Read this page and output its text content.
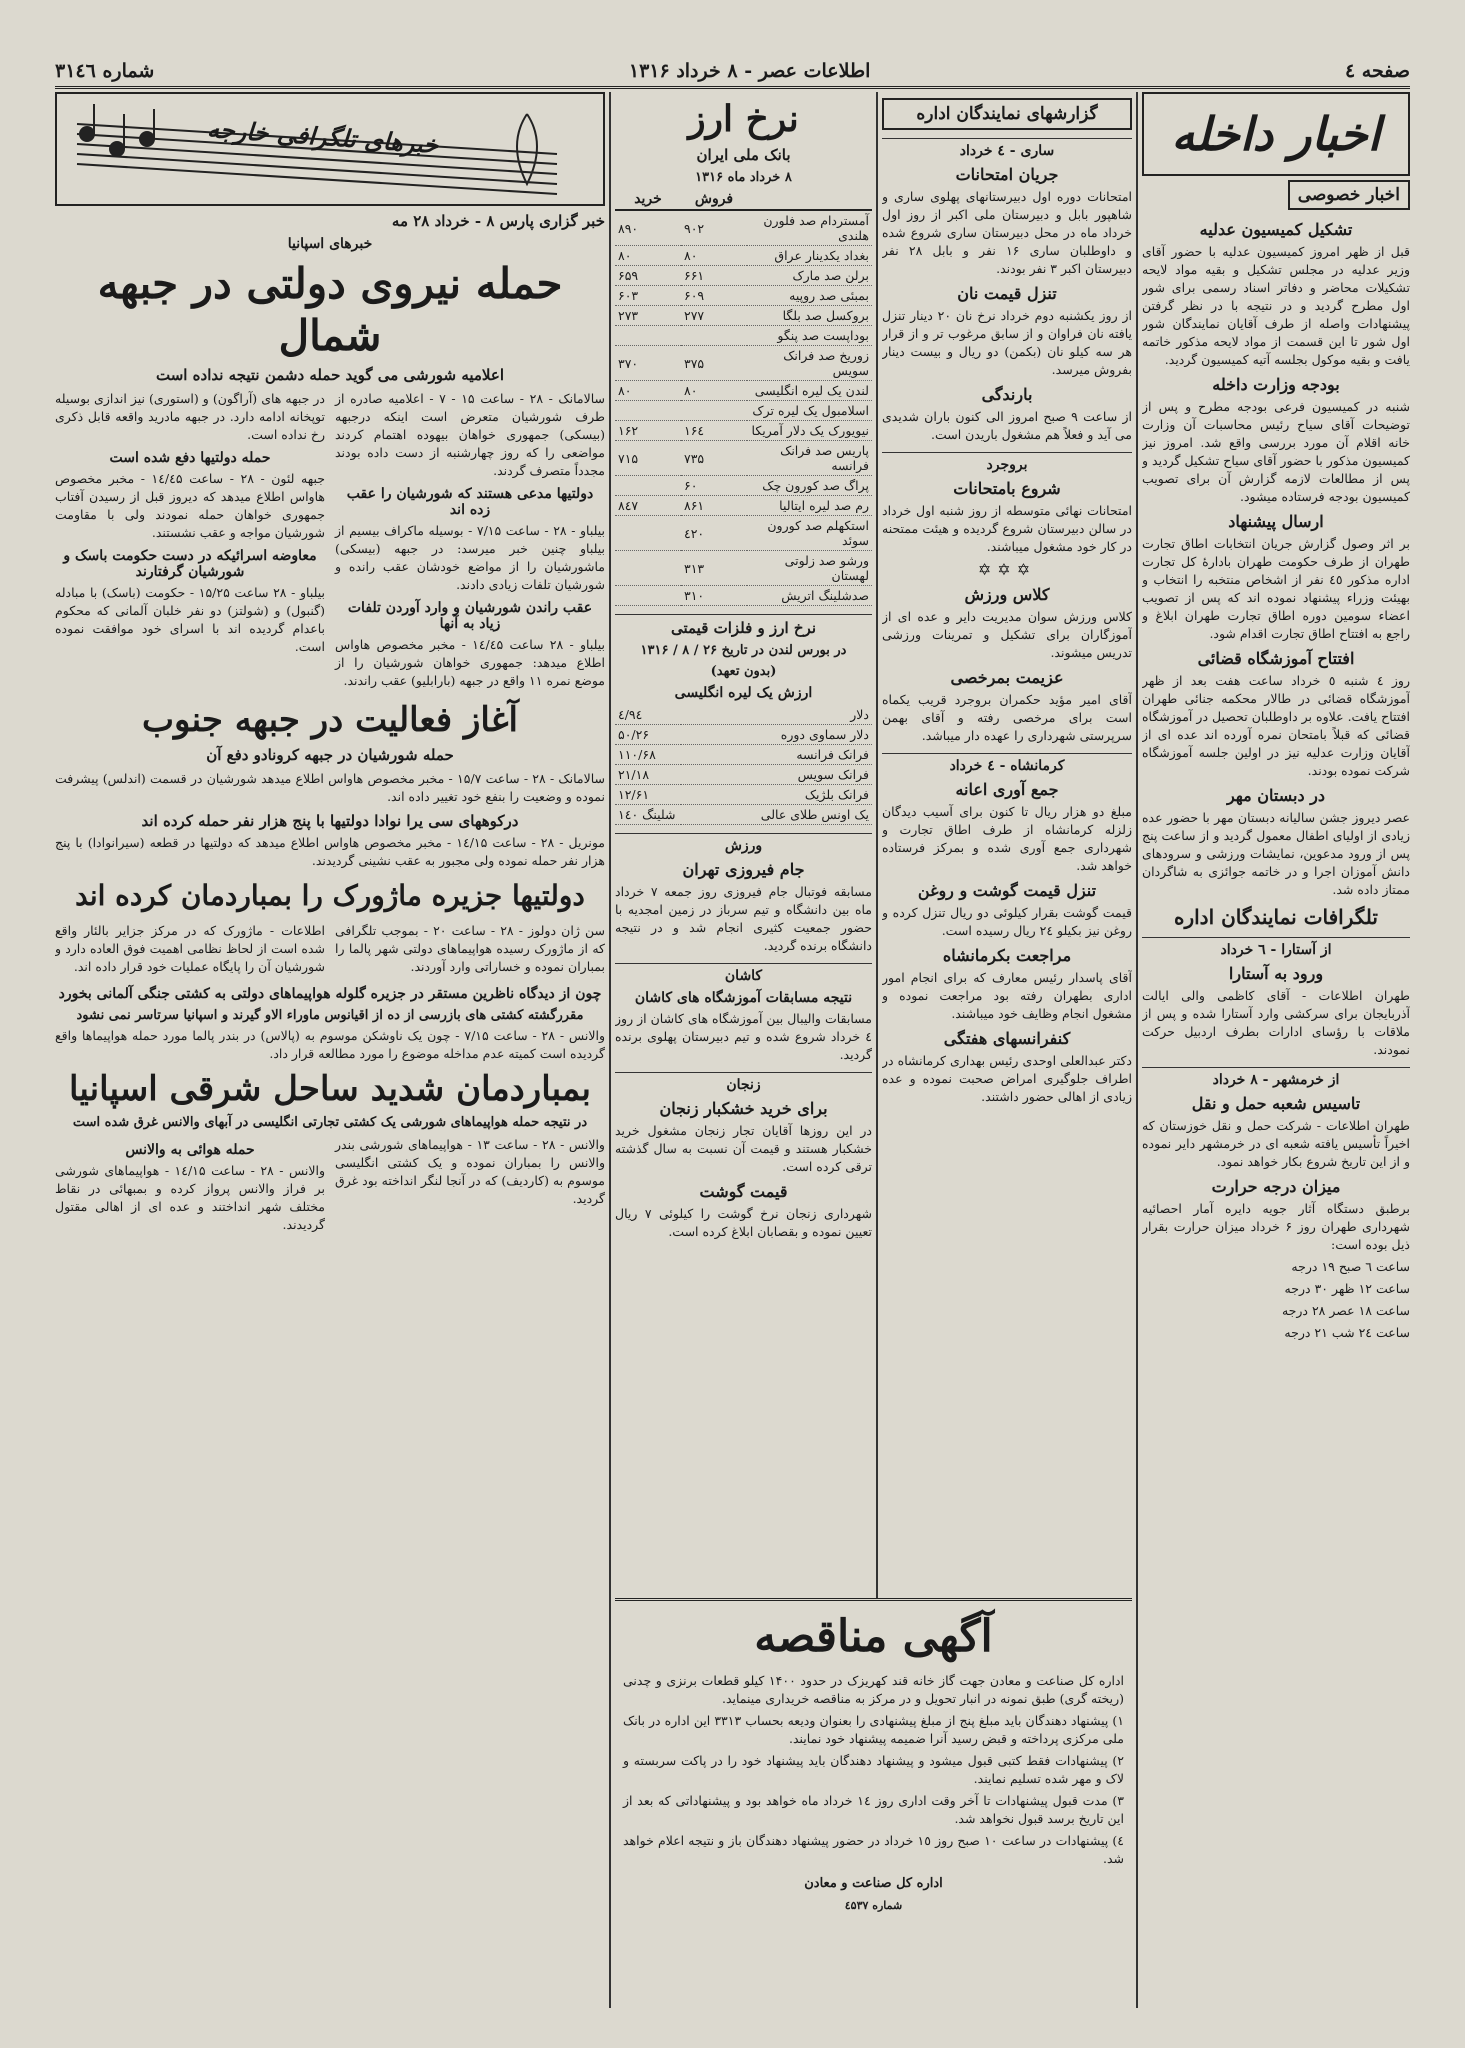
صفحه ٤
اطلاعات عصر - ۸ خرداد ۱۳۱۶
شماره ۳۱٤٦
اخبار داخله
اخبار خصوصی
تشکیل کمیسیون عدلیه

قبل از ظهر امروز کمیسیون عدلیه با حضور آقای وزیر عدلیه در مجلس تشکیل و بقیه مواد لایحه تشکیلات محاضر و دفاتر اسناد رسمی برای شور اول مطرح گردید و در نتیجه با در نظر گرفتن پیشنهادات واصله از طرف آقایان نمایندگان شور اول شور تا این قسمت از مواد لایحه مذکور خاتمه یافت و بقیه موکول بجلسه آتیه کمیسیون گردید.

بودجه وزارت داخله

شنبه در کمیسیون فرعی بودجه مطرح و پس از توضیحات آقای سیاح رئیس محاسبات آن وزارت خانه اقلام آن مورد بررسی واقع شد. امروز نیز کمیسیون مذکور با حضور آقای سیاح تشکیل گردید و پس از مطالعات لازمه گزارش آن برای تصویب کمیسیون بودجه فرستاده میشود.

ارسال پیشنهاد

بر اثر وصول گزارش جریان انتخابات اطاق تجارت طهران از طرف حکومت طهران بادارهٔ کل تجارت اداره مذکور ٤٥ نفر از اشخاص منتخبه را انتخاب و بهیئت وزراء پیشنهاد نموده اند که پس از تصویب اعضاء سومین دوره اطاق تجارت طهران ابلاغ و راجع به افتتاح اطاق تجارت اقدام شود.

افتتاح آموزشگاه قضائی

روز ٤ شنبه ٥ خرداد ساعت هفت بعد از ظهر آموزشگاه قضائی در طالار محکمه جنائی طهران افتتاح یافت. علاوه بر داوطلبان تحصیل در آموزشگاه قضائی که قبلاً بامتحان نمره آورده اند عده ای از آقایان وزارت عدلیه نیز در اولین جلسه آموزشگاه شرکت نموده بودند.

در دبستان مهر

عصر دیروز جشن سالیانه دبستان مهر با حضور عده زیادی از اولیای اطفال معمول گردید و از ساعت پنج پس از ورود مدعوین، نمایشات ورزشی و سرودهای دانش آموزان اجرا و در خاتمه جوائزی به شاگردان ممتاز داده شد.

تلگرافات نمایندگان اداره
از آستارا - ٦ خرداد
ورود به آستارا

طهران اطلاعات - آقای کاظمی والی ایالت آذربایجان برای سرکشی وارد آستارا شده و پس از ملاقات با رؤسای ادارات بطرف اردبیل حرکت نمودند.

از خرمشهر - ۸ خرداد
تاسیس شعبه حمل و نقل

طهران اطلاعات - شرکت حمل و نقل خوزستان که اخیراً تأسیس یافته شعبه ای در خرمشهر دایر نموده و از این تاریخ شروع بکار خواهد نمود.

میزان درجه حرارت

برطبق دستگاه آثار جویه دایره آمار احصائیه شهرداری طهران روز ۶ خرداد میزان حرارت بقرار ذیل بوده است:

ساعت ٦ صبح ۱۹ درجه

ساعت ۱۲ ظهر ۳۰ درجه

ساعت ۱۸ عصر ۲۸ درجه

ساعت ۲٤ شب ۲۱ درجه

گزارشهای نمایندگان اداره
ساری - ٤ خرداد
جریان امتحانات

امتحانات دوره اول دبیرستانهای پهلوی ساری و شاهپور بابل و دبیرستان ملی اکبر از روز اول خرداد ماه در محل دبیرستان ساری شروع شده و داوطلبان ساری ۱۶ نفر و بابل ۲۸ نفر دبیرستان اکبر ۳ نفر بودند.

تنزل قیمت نان

از روز یکشنبه دوم خرداد نرخ نان ۲۰ دینار تنزل یافته نان فراوان و از سابق مرغوب تر و از قرار هر سه کیلو نان (بکمن) دو ریال و بیست دینار بفروش میرسد.

بارندگی

از ساعت ۹ صبح امروز الی کنون باران شدیدی می آید و فعلاً هم مشغول باریدن است.

بروجرد
شروع بامتحانات

امتحانات نهائی متوسطه از روز شنبه اول خرداد در سالن دبیرستان شروع گردیده و هیئت ممتحنه در کار خود مشغول میباشند.

✡✡✡
کلاس ورزش

کلاس ورزش سوان مدیریت دایر و عده ای از آموزگاران برای تشکیل و تمرینات ورزشی تدریس میشوند.

عزیمت بمرخصی

آقای امیر مؤید حکمران بروجرد قریب یکماه است برای مرخصی رفته و آقای بهمن سرپرستی شهرداری را عهده دار میباشد.

کرمانشاه - ٤ خرداد
جمع آوری اعانه

مبلغ دو هزار ریال تا کنون برای آسیب دیدگان زلزله کرمانشاه از طرف اطاق تجارت و شهرداری جمع آوری شده و بمرکز فرستاده خواهد شد.

تنزل قیمت گوشت و روغن

قیمت گوشت بقرار کیلوئی دو ریال تنزل کرده و روغن نیز بکیلو ۲٤ ریال رسیده است.

مراجعت بکرمانشاه

آقای پاسدار رئیس معارف که برای انجام امور اداری بطهران رفته بود مراجعت نموده و مشغول انجام وظایف خود میباشند.

کنفرانسهای هفتگی

دکتر عبدالعلی اوحدی رئیس بهداری کرمانشاه در اطراف جلوگیری امراض صحبت نموده و عده زیادی از اهالی حضور داشتند.

نرخ ارز
بانک ملی ایران
۸ خرداد ماه ۱۳۱۶
	فروش	خرید
آمستردام صد فلورن هلندی	۹۰۲	۸۹۰
بغداد یکدینار عراق	۸۰	۸۰
برلن صد مارک	۶۶۱	۶۵۹
بمبئی صد روپیه	۶۰۹	۶۰۳
بروکسل صد بلگا	۲۷۷	۲۷۳
بوداپست صد پنگو		
زوریخ صد فرانک سویس	۳۷۵	۳۷۰
لندن یک لیره انگلیسی	۸۰	۸۰
اسلامبول یک لیره ترک		
نیویورک یک دلار آمریکا	۱۶٤	۱۶۲
پاریس صد فرانک فرانسه	۷۳۵	۷۱۵
پراگ صد کورون چک	۶۰	
رم صد لیره ایتالیا	۸۶۱	۸٤۷
استکهلم صد کورون سوئد	٤۲۰	
ورشو صد زلوتی لهستان	۳۱۳	
صدشلینگ اتریش	۳۱۰	
نرخ ارز و فلزات قیمتی
در بورس لندن در تاریخ ۲۶ / ۸ / ۱۳۱۶
(بدون تعهد)
ارزش یک لیره انگلیسی
دلار	٤/۹٤
دلار سماوی دوره	۵۰/۲۶
فرانک فرانسه	۱۱۰/۶۸
فرانک سویس	۲۱/۱۸
فرانک بلژیک	۱۲/۶۱
یک اونس طلای عالی	۱٤۰ شلینگ
ورزش
جام فیروزی تهران

مسابقه فوتبال جام فیروزی روز جمعه ۷ خرداد ماه بین دانشگاه و تیم سرباز در زمین امجدیه با حضور جمعیت کثیری انجام شد و در نتیجه دانشگاه برنده گردید.

کاشان
نتیجه مسابقات آموزشگاه های کاشان

مسابقات والیبال بین آموزشگاه های کاشان از روز ٤ خرداد شروع شده و تیم دبیرستان پهلوی برنده گردید.

زنجان
برای خرید خشکبار زنجان

در این روزها آقایان تجار زنجان مشغول خرید خشکبار هستند و قیمت آن نسبت به سال گذشته ترقی کرده است.

قیمت گوشت

شهرداری زنجان نرخ گوشت را کیلوئی ۷ ریال تعیین نموده و بقصابان ابلاغ کرده است.

خبرهای تلگرافی خارجه
خبر گزاری پارس ۸ - خرداد ۲۸ مه
خبرهای اسپانیا
حمله نیروی دولتی در جبهه شمال
اعلامیه شورشی می گوید حمله دشمن نتیجه نداده است

سالامانک - ۲۸ - ساعت ۱۵ - ۷ - اعلامیه صادره از طرف شورشیان متعرض است اینکه درجبهه (بیسکی) جمهوری خواهان بیهوده اهتمام کردند مواضعی را که روز چهارشنبه از دست داده بودند مجدداً متصرف گردند.

دولتیها مدعی هستند که شورشیان را عقب زده اند

بیلباو - ۲۸ - ساعت ۷/۱۵ - بوسیله ماکراف بیسیم از بیلباو چنین خبر میرسد: در جبهه (بیسکی) ماشورشیان را از مواضع خودشان عقب رانده و شورشیان تلفات زیادی دادند.

عقب راندن شورشیان و وارد آوردن تلفات زیاد به آنها

بیلباو - ۲۸ ساعت ۱٤/٤۵ - مخبر مخصوص هاواس اطلاع میدهد: جمهوری خواهان شورشیان را از موضع نمره ۱۱ واقع در جبهه (بارابلیو) عقب راندند.

در جبهه های (آراگون) و (استوری) نیز اندازی بوسیله توپخانه ادامه دارد. در جبهه مادرید واقعه قابل ذکری رخ نداده است.

حمله دولتیها دفع شده است

جبهه لئون - ۲۸ - ساعت ۱٤/٤۵ - مخبر مخصوص هاواس اطلاع میدهد که دیروز قبل از رسیدن آفتاب جمهوری خواهان حمله نمودند ولی با مقاومت شورشیان مواجه و عقب نشستند.

معاوضه اسرائیکه در دست حکومت باسک و شورشیان گرفتارند

بیلباو - ۲۸ ساعت ۱۵/۲۵ - حکومت (باسک) با مبادله (گنبول) و (شولتز) دو نفر خلبان آلمانی که محکوم باعدام گردیده اند با اسرای خود موافقت نموده است.

آغاز فعالیت در جبهه جنوب
حمله شورشیان در جبهه کرونادو دفع آن

سالامانک - ۲۸ - ساعت ۱۵/۷ - مخبر مخصوص هاواس اطلاع میدهد شورشیان در قسمت (اندلس) پیشرفت نموده و وضعیت را بنفع خود تغییر داده اند.

درکوههای سی یرا نوادا دولتیها با پنج هزار نفر حمله کرده اند

مونریل - ۲۸ - ساعت ۱٤/۱۵ - مخبر مخصوص هاواس اطلاع میدهد که دولتیها در قطعه (سیرانوادا) با پنج هزار نفر حمله نموده ولی مجبور به عقب نشینی گردیدند.

دولتیها جزیره ماژورک را بمباردمان کرده اند

سن ژان دولوز - ۲۸ - ساعت ۲۰ - بموجب تلگرافی که از ماژورک رسیده هواپیماهای دولتی شهر پالما را بمباران نموده و خساراتی وارد آوردند.

اطلاعات - ماژورک که در مرکز جزایر بالئار واقع شده است از لحاظ نظامی اهمیت فوق العاده دارد و شورشیان آن را پایگاه عملیات خود قرار داده اند.

چون از دیدگاه ناظرین مستقر در جزیره گلوله هواپیماهای دولتی به کشتی جنگی آلمانی بخورد
مقررگشته کشتی های بازرسی از ده از اقیانوس ماوراء الاو گیرند و اسپانیا سرتاسر نمی نشود

والانس - ۲۸ - ساعت ۷/۱۵ - چون یک ناوشکن موسوم به (پالاس) در بندر پالما مورد حمله هواپیماها واقع گردیده است کمیته عدم مداخله موضوع را مورد مطالعه قرار داد.

بمباردمان شدید ساحل شرقی اسپانیا
در نتیجه حمله هواپیماهای شورشی یک کشتی تجارتی انگلیسی در آبهای والانس غرق شده است

والانس - ۲۸ - ساعت ۱۳ - هواپیماهای شورشی بندر والانس را بمباران نموده و یک کشتی انگلیسی موسوم به (کاردیف) که در آنجا لنگر انداخته بود غرق گردید.

حمله هوائی به والانس

والانس - ۲۸ - ساعت ۱٤/۱۵ - هواپیماهای شورشی بر فراز والانس پرواز کرده و بمبهائی در نقاط مختلف شهر انداختند و عده ای از اهالی مقتول گردیدند.

آگهی مناقصه

اداره کل صناعت و معادن جهت گاز خانه قند کهریزک در حدود ۱۴۰۰ کیلو قطعات برنزی و چدنی (ریخته گری) طبق نمونه در انبار تحویل و در مرکز به مناقصه خریداری مینماید.

۱) پیشنهاد دهندگان باید مبلغ پنج از مبلغ پیشنهادی را بعنوان ودیعه بحساب ۳۳۱۳ این اداره در بانک ملی مرکزی پرداخته و قبض رسید آنرا ضمیمه پیشنهاد خود نمایند.

۲) پیشنهادات فقط کتبی قبول میشود و پیشنهاد دهندگان باید پیشنهاد خود را در پاکت سربسته و لاک و مهر شده تسلیم نمایند.

۳) مدت قبول پیشنهادات تا آخر وقت اداری روز ۱٤ خرداد ماه خواهد بود و پیشنهاداتی که بعد از این تاریخ برسد قبول نخواهد شد.

٤) پیشنهادات در ساعت ۱۰ صبح روز ۱٥ خرداد در حضور پیشنهاد دهندگان باز و نتیجه اعلام خواهد شد.

اداره کل صناعت و معادن
شماره ٤۵۳۷
